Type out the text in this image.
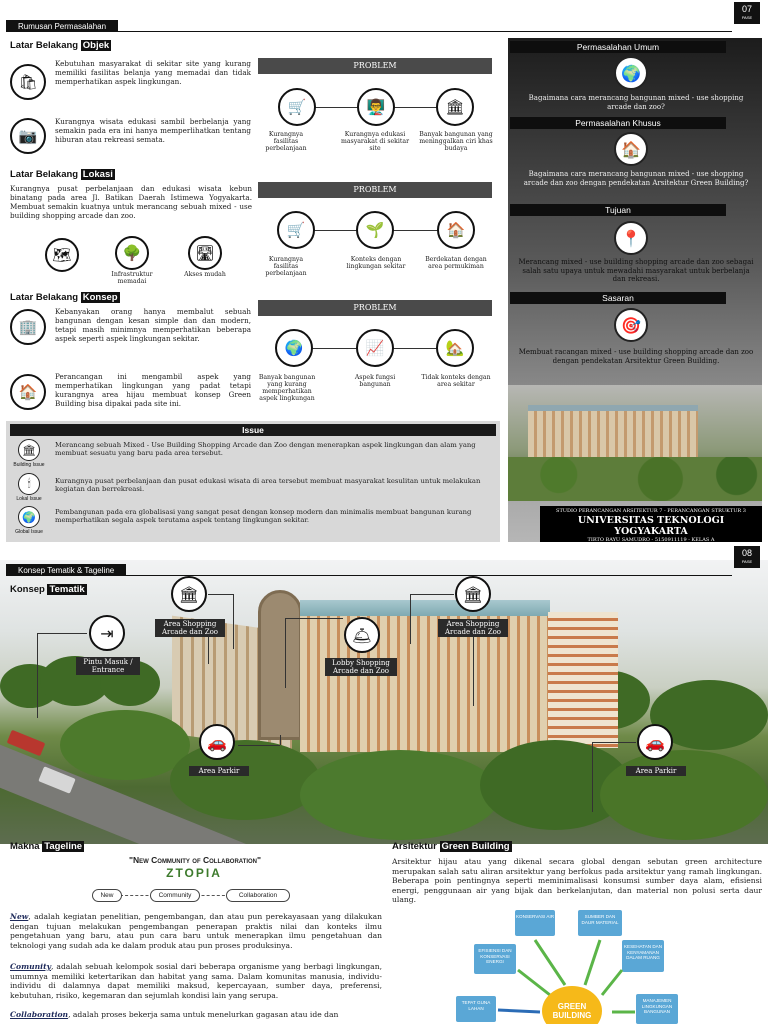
Rumusan Permasalahan
07
PASE
Latar Belakang Objek
🛍
Kebutuhan masyarakat di sekitar site yang kurang memiliki fasilitas belanja yang memadai dan tidak memperhatikan aspek lingkungan.
📷
Kurangnya wisata edukasi sambil berbelanja yang semakin pada era ini hanya memperlihatkan tentang hiburan atau rekreasi semata.
Latar Belakang Lokasi
Kurangnya pusat perbelanjaan dan edukasi wisata kebun binatang pada area Jl. Batikan Daerah Istimewa Yogyakarta. Membuat semakin kuatnya untuk merancang sebuah mixed - use building shopping arcade dan zoo.
🗺	🌳
Infrastruktur memadai
🛣
Akses mudah
Latar Belakang Konsep
🏢
Kebanyakan orang hanya membalut sebuah bangunan dengan kesan simple dan dan modern, tetapi masih minimnya memperhatikan beberapa aspek seperti aspek lingkungan sekitar.
🏠
Perancangan ini mengambil aspek yang memperhatikan lingkungan yang padat tetapi kurangnya area hijau membuat konsep Green Building bisa dipakai pada site ini.
PROBLEM
🛒	👨‍🏫	🏛
Kurangnya fasilitas perbelanjaan
Kurangnya edukasi masyarakat di sekitar site
Banyak bangunan yang meninggalkan ciri khas budaya
PROBLEM
🛒	🌱	🏠
Kurangnya fasilitas perbelanjaan
Konteks dengan lingkungan sekitar
Berdekatan dengan area permukiman
PROBLEM
🌍	📈	🏡
Banyak bangunan yang kurang memperhatikan aspek lingkungan
Aspek fungsi bangunan
Tidak konteks dengan area sekitar
Permasalahan Umum
🌍
Bagaimana cara merancang bangunan mixed - use shopping arcade dan zoo?
Permasalahan Khusus
🏠
Bagaimana cara merancang bangunan mixed - use shopping arcade dan zoo dengan pendekatan Arsitektur Green Building?
Tujuan
📍
Merancang mixed - use building shopping arcade dan zoo sebagai salah satu upaya untuk mewadahi masyarakat untuk berbelanja dan rekreasi.
Sasaran
🎯
Membuat racangan mixed - use building shopping arcade dan zoo dengan pendekatan Arsitektur Green Building.
STUDIO PERANCANGAN ARSITEKTUR 7 - PERANCANGAN STRUKTUR 3
UNIVERSITAS TEKNOLOGI YOGYAKARTA
TIRTO BAYU SAMUDRO - 5150911119 - KELAS A
Issue
🏛
Building Issue
Merancang sebuah Mixed - Use Building Shopping Arcade dan Zoo dengan menerapkan aspek lingkungan dan alam yang membuat sesuatu yang baru pada area tersebut.
🕯
Lokal Issue
Kurangnya pusat perbelanjaan dan pusat edukasi wisata di area tersebut membuat masyarakat kesulitan untuk melakukan kegiatan dan berrekreasi.
🌍
Global Issue
Pembangunan pada era globalisasi yang sangat pesat dengan konsep modern dan minimalis membuat bangunan kurang memperhatikan segala aspek terutama aspek tentang lingkungan sekitar.
Konsep Tematik & Tageline
08
PASE
Konsep Tematik
⇥
Pintu Masuk / Entrance
🏛
Area Shopping Arcade dan Zoo	🛎
Lobby Shopping Arcade dan Zoo
🏛
Area Shopping Arcade dan Zoo
🚗
Area Parkir
🚗
Area Parkir
Makna Tageline
"New Community of Collaboration"
ZTOPIA
New	Community	Collaboration
New, adalah kegiatan penelitian, pengembangan, dan atau pun perekayasaan yang dilakukan dengan tujuan melakukan pengembangan penerapan praktis nilai dan konteks ilmu pengetahuan yang baru, atau pun cara baru untuk menerapkan ilmu pengetahuan dan teknologi yang sudah ada ke dalam produk atau pun proses produksinya.
Comunity, adalah sebuah kelompok sosial dari beberapa organisme yang berbagi lingkungan, umumnya memiliki ketertarikan dan habitat yang sama. Dalam komunitas manusia, individu-individu di dalamnya dapat memiliki maksud, kepercayaan, sumber daya, preferensi, kebutuhan, risiko, kegemaran dan sejumlah kondisi lain yang serupa.
Collaboration, adalah proses bekerja sama untuk menelurkan gagasan atau ide dan
Arsitektur Green Building
Arsitektur hijau atau yang dikenal secara global dengan sebutan green architecture merupakan salah satu aliran arsitektur yang berfokus pada arsitektur yang ramah lingkungan. Beberapa poin pentingnya seperti meminimalisasi konsumsi sumber daya alam, efisiensi energi, penggunaan air yang bijak dan berkelanjutan, dan material non polusi serta daur ulang.
KONSERVASI AIR	SUMBER DAN DAUR MATERIAL
EFISIENSI DAN KONSERVASI ENERGI
KESEHATAN DAN KENYAMANAN DALAM RUANG
TEPAT GUNA LAHAN
MANAJEMEN LINGKUNGAN BANGUNAN
GREEN BUILDING
